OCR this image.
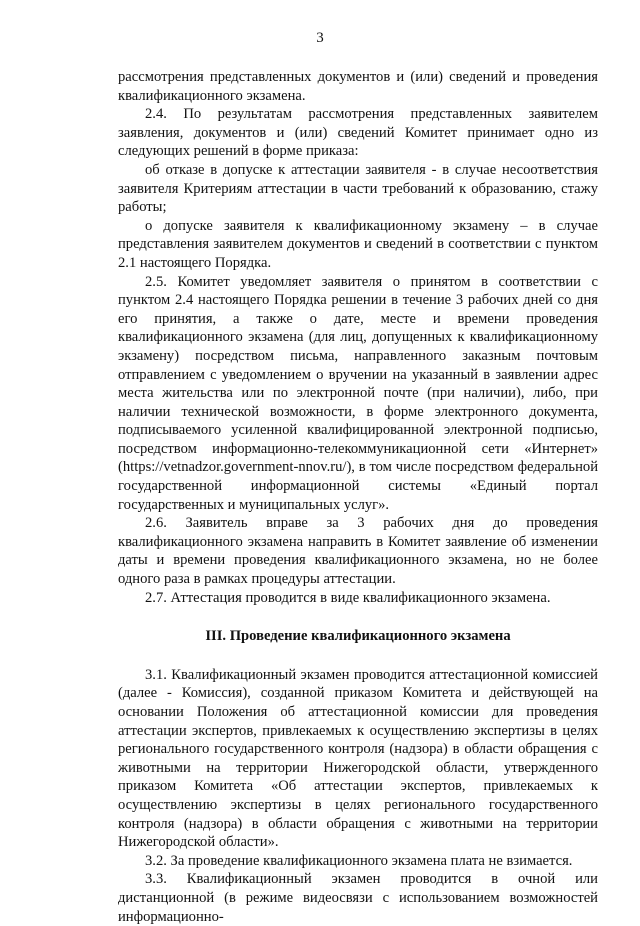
3

рассмотрения представленных документов и (или) сведений и проведения квалификационного экзамена.

2.4. По результатам рассмотрения представленных заявителем заявления, документов и (или) сведений Комитет принимает одно из следующих решений в форме приказа:

об отказе в допуске к аттестации заявителя - в случае несоответствия заявителя Критериям аттестации в части требований к образованию, стажу работы;

о допуске заявителя к квалификационному экзамену – в случае представления заявителем документов и сведений в соответствии с пунктом 2.1 настоящего Порядка.

2.5. Комитет уведомляет заявителя о принятом в соответствии с пунктом 2.4 настоящего Порядка решении в течение 3 рабочих дней со дня его принятия, а также о дате, месте и времени проведения квалификационного экзамена (для лиц, допущенных к квалификационному экзамену) посредством письма, направленного заказным почтовым отправлением с уведомлением о вручении на указанный в заявлении адрес места жительства или по электронной почте (при наличии), либо, при наличии технической возможности, в форме электронного документа, подписываемого усиленной квалифицированной электронной подписью, посредством информационно-телекоммуникационной сети «Интернет» (https://vetnadzor.government-nnov.ru/), в том числе посредством федеральной государственной информационной системы «Единый портал государственных и муниципальных услуг».

2.6. Заявитель вправе за 3 рабочих дня до проведения квалификационного экзамена направить в Комитет заявление об изменении даты и времени проведения квалификационного экзамена, но не более одного раза в рамках процедуры аттестации.

2.7. Аттестация проводится в виде квалификационного экзамена.

III. Проведение квалификационного экзамена

3.1. Квалификационный экзамен проводится аттестационной комиссией (далее - Комиссия), созданной приказом Комитета и действующей на основании Положения об аттестационной комиссии для проведения аттестации экспертов, привлекаемых к осуществлению экспертизы в целях регионального государственного контроля (надзора) в области обращения с животными на территории Нижегородской области, утвержденного приказом Комитета «Об аттестации экспертов, привлекаемых к осуществлению экспертизы в целях регионального государственного контроля (надзора) в области обращения с животными на территории Нижегородской области».

3.2. За проведение квалификационного экзамена плата не взимается.

3.3. Квалификационный экзамен проводится в очной или дистанционной (в режиме видеосвязи с использованием возможностей информационно-
